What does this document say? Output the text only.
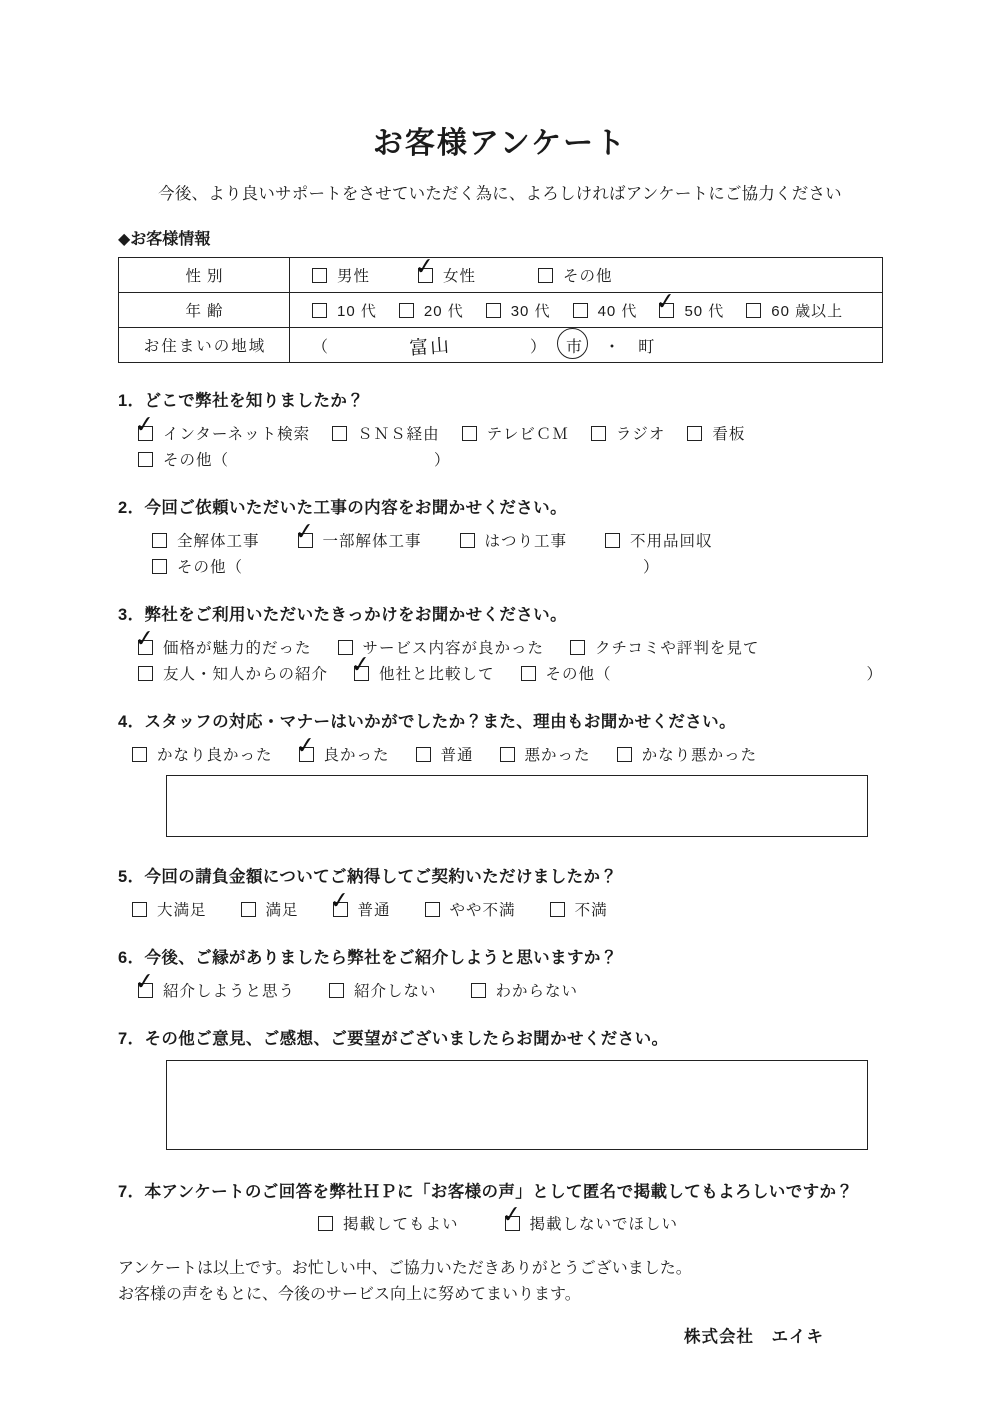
お客様アンケート

今後、より良いサポートをさせていただく為に、よろしければアンケートにご協力ください

◆お客様情報
性別	男性 ✓ 女性 その他

年齢	10 代	20 代	30 代	40 代 ✓ 50 代	60 歳以上

お住まいの地域	（	富山	） 市 ・ 町
1．どこで弊社を知りましたか？
✓ インターネット検索	ＳＮＳ経由	テレビＣＭ	ラジオ	看板
その他（	）
2．今回ご依頼いただいた工事の内容をお聞かせください。
全解体工事 ✓ 一部解体工事	はつり工事	不用品回収
その他（	）
3．弊社をご利用いただいたきっかけをお聞かせください。
✓ 価格が魅力的だった	サービス内容が良かった	クチコミや評判を見て
友人・知人からの紹介 ✓ 他社と比較して	その他（	）
4．スタッフの対応・マナーはいかがでしたか？また、理由もお聞かせください。
かなり良かった ✓ 良かった	普通	悪かった	かなり悪かった
5．今回の請負金額についてご納得してご契約いただけましたか？
大満足	満足 ✓ 普通	やや不満	不満
6．今後、ご縁がありましたら弊社をご紹介しようと思いますか？
✓ 紹介しようと思う	紹介しない	わからない
7．その他ご意見、ご感想、ご要望がございましたらお聞かせください。
7．本アンケートのご回答を弊社ＨＰに「お客様の声」として匿名で掲載してもよろしいですか？
掲載してもよい ✓ 掲載しないでほしい
アンケートは以上です。お忙しい中、ご協力いただきありがとうございました。
お客様の声をもとに、今後のサービス向上に努めてまいります。
株式会社　エイキ
